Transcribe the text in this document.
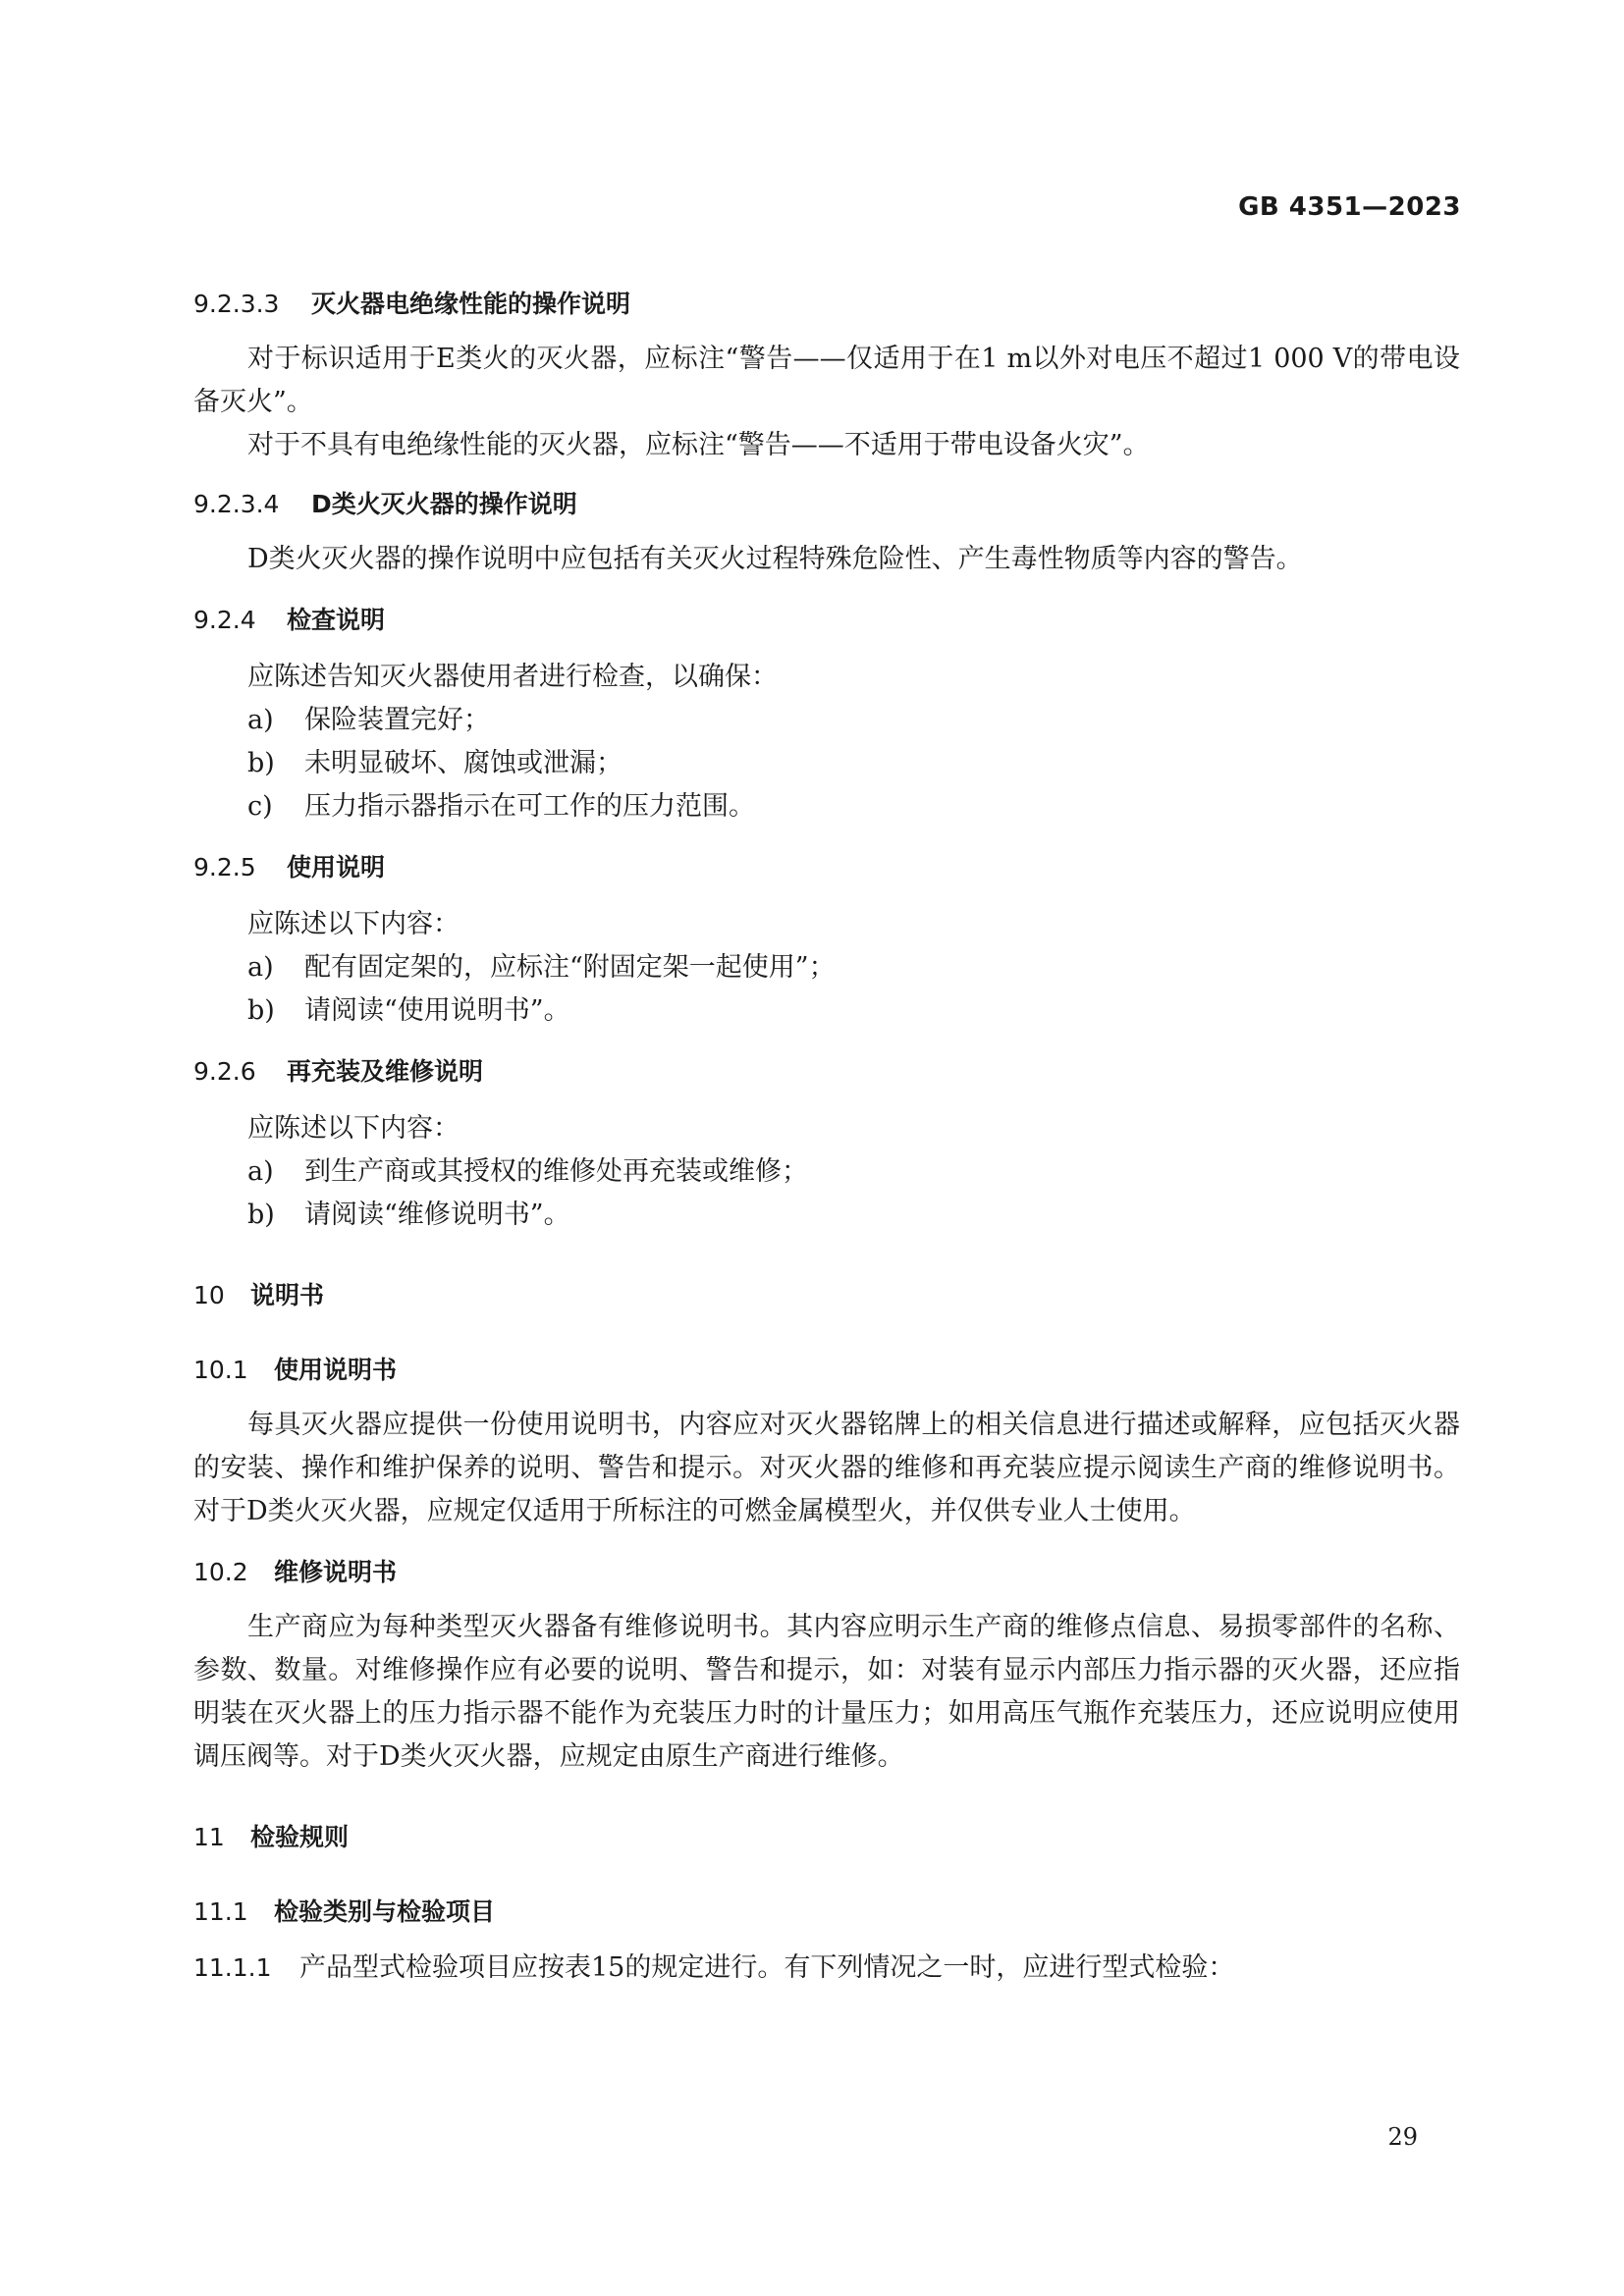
GB 4351—2023
9.2.3.3 灭火器电绝缘性能的操作说明

对于标识适用于E类火的灭火器，应标注“警告——仅适用于在1 m以外对电压不超过1 000 V的带电设备灭火”。

对于不具有电绝缘性能的灭火器，应标注“警告——不适用于带电设备火灾”。

9.2.3.4 D类火灭火器的操作说明

D类火灭火器的操作说明中应包括有关灭火过程特殊危险性、产生毒性物质等内容的警告。

9.2.4 检查说明

应陈述告知灭火器使用者进行检查，以确保：

a) 保险装置完好；
b) 未明显破坏、腐蚀或泄漏；
c) 压力指示器指示在可工作的压力范围。
9.2.5 使用说明

应陈述以下内容：

a) 配有固定架的，应标注“附固定架一起使用”；
b) 请阅读“使用说明书”。
9.2.6 再充装及维修说明

应陈述以下内容：

a) 到生产商或其授权的维修处再充装或维修；
b) 请阅读“维修说明书”。
10 说明书
10.1 使用说明书

每具灭火器应提供一份使用说明书，内容应对灭火器铭牌上的相关信息进行描述或解释，应包括灭火器的安装、操作和维护保养的说明、警告和提示。对灭火器的维修和再充装应提示阅读生产商的维修说明书。对于D类火灭火器，应规定仅适用于所标注的可燃金属模型火，并仅供专业人士使用。

10.2 维修说明书

生产商应为每种类型灭火器备有维修说明书。其内容应明示生产商的维修点信息、易损零部件的名称、参数、数量。对维修操作应有必要的说明、警告和提示，如：对装有显示内部压力指示器的灭火器，还应指明装在灭火器上的压力指示器不能作为充装压力时的计量压力；如用高压气瓶作充装压力，还应说明应使用调压阀等。对于D类火灭火器，应规定由原生产商进行维修。

11 检验规则
11.1 检验类别与检验项目
11.1.1 产品型式检验项目应按表15的规定进行。有下列情况之一时，应进行型式检验：
29
